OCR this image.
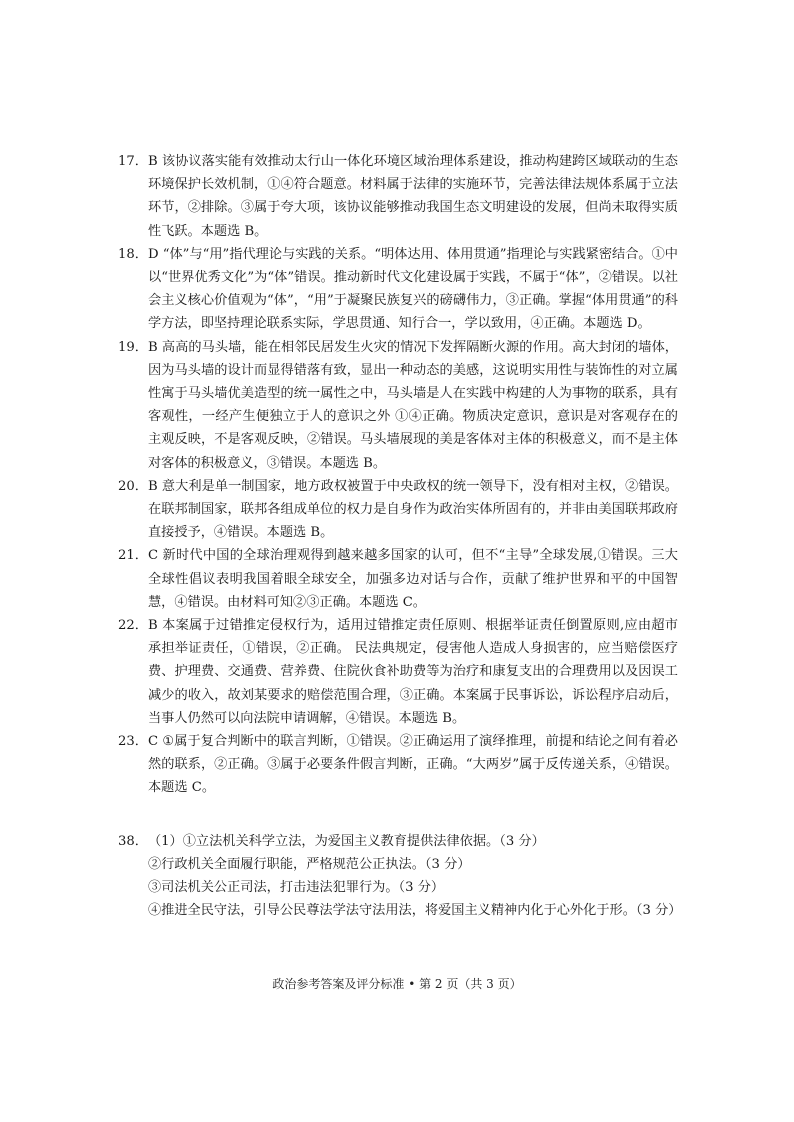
17． B 该协议落实能有效推动太行山一体化环境区域治理体系建设，推动构建跨区域联动的生态环境保护长效机制，①④符合题意。材料属于法律的实施环节，完善法律法规体系属于立法环节，②排除。③属于夸大项，该协议能够推动我国生态文明建设的发展，但尚未取得实质性飞跃。本题选 B。
18． D “体”与“用”指代理论与实践的关系。“明体达用、体用贯通”指理论与实践紧密结合。①中以“世界优秀文化”为“体”错误。推动新时代文化建设属于实践，不属于“体”，②错误。以社会主义核心价值观为“体”，“用”于凝聚民族复兴的磅礴伟力，③正确。掌握“体用贯通”的科学方法，即坚持理论联系实际，学思贯通、知行合一，学以致用，④正确。本题选 D。
19． B 高高的马头墙，能在相邻民居发生火灾的情况下发挥隔断火源的作用。高大封闭的墙体，因为马头墙的设计而显得错落有致，显出一种动态的美感，这说明实用性与装饰性的对立属性寓于马头墙优美造型的统一属性之中，马头墙是人在实践中构建的人为事物的联系，具有客观性，一经产生便独立于人的意识之外 ①④正确。物质决定意识，意识是对客观存在的主观反映，不是客观反映，②错误。马头墙展现的美是客体对主体的积极意义，而不是主体对客体的积极意义，③错误。本题选 B。
20． B 意大利是单一制国家，地方政权被置于中央政权的统一领导下，没有相对主权，②错误。在联邦制国家，联邦各组成单位的权力是自身作为政治实体所固有的，并非由美国联邦政府直接授予，④错误。本题选 B。
21． C 新时代中国的全球治理观得到越来越多国家的认可，但不“主导”全球发展,①错误。三大全球性倡议表明我国着眼全球安全，加强多边对话与合作，贡献了维护世界和平的中国智慧，④错误。由材料可知②③正确。本题选 C。
22． B 本案属于过错推定侵权行为，适用过错推定责任原则、根据举证责任倒置原则,应由超市承担举证责任，①错误，②正确。 民法典规定，侵害他人造成人身损害的，应当赔偿医疗费、护理费、交通费、营养费、住院伙食补助费等为治疗和康复支出的合理费用以及因误工减少的收入，故刘某要求的赔偿范围合理，③正确。本案属于民事诉讼，诉讼程序启动后，当事人仍然可以向法院申请调解，④错误。本题选 B。
23． C ①属于复合判断中的联言判断，①错误。②正确运用了演绎推理，前提和结论之间有着必然的联系，②正确。③属于必要条件假言判断，正确。“大两岁”属于反传递关系，④错误。本题选 C。
38． （1）①立法机关科学立法，为爱国主义教育提供法律依据。（3 分）
②行政机关全面履行职能，严格规范公正执法。（3 分）
③司法机关公正司法，打击违法犯罪行为。（3 分）
④推进全民守法，引导公民尊法学法守法用法，将爱国主义精神内化于心外化于形。（3 分）
政治参考答案及评分标准 • 第 2 页（共 3 页）
